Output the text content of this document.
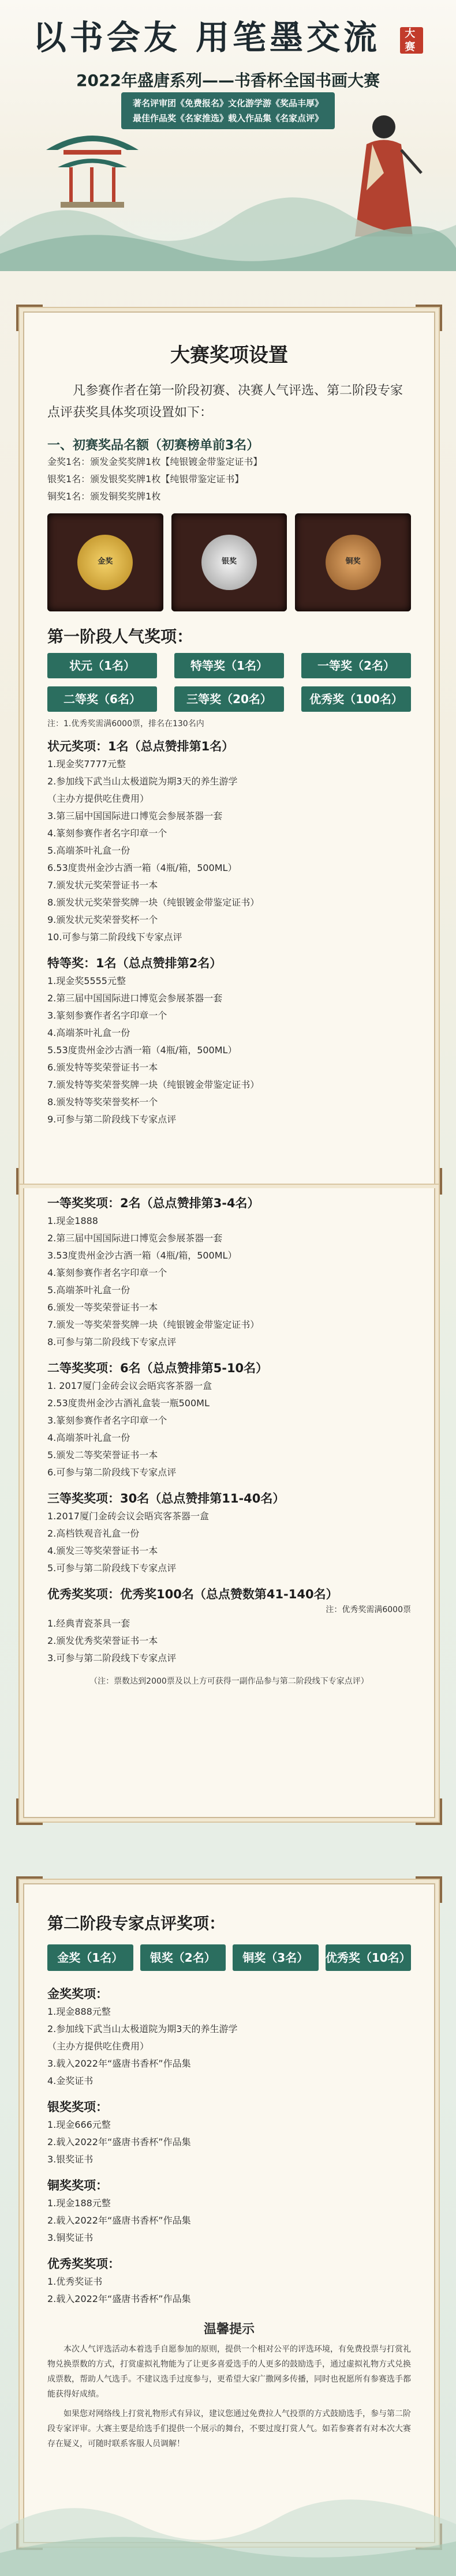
以书会友 用笔墨交流 大赛
2022年盛唐系列——书香杯全国书画大赛
著名评审团《免费报名》文化游学游《奖品丰厚》
最佳作品奖《名家推选》载入作品集《名家点评》
大赛奖项设置
凡参赛作者在第一阶段初赛、决赛人气评选、第二阶段专家点评获奖具体奖项设置如下：
一、初赛奖品名额（初赛榜单前3名）
金奖1名：颁发金奖奖牌1枚【纯银镀金带鉴定证书】
银奖1名：颁发银奖奖牌1枚【纯银带鉴定证书】
铜奖1名：颁发铜奖奖牌1枚
金奖	银奖	铜奖
第一阶段人气奖项：
状元（1名）	特等奖（1名）	一等奖（2名）
二等奖（6名）	三等奖（20名）	优秀奖（100名）
注：1.优秀奖需满6000票，排名在130名内
状元奖项：1名（总点赞排第1名）
1.现金奖7777元整
2.参加线下武当山太极道院为期3天的养生游学
（主办方提供吃住费用）
3.第三届中国国际进口博览会参展茶器一套
4.篆刻参赛作者名字印章一个
5.高端茶叶礼盒一份
6.53度贵州金沙古酒一箱（4瓶/箱，500ML）
7.颁发状元奖荣誉证书一本
8.颁发状元奖荣誉奖牌一块（纯银镀金带鉴定证书）
9.颁发状元奖荣誉奖杯一个
10.可参与第二阶段线下专家点评
特等奖：1名（总点赞排第2名）
1.现金奖5555元整
2.第三届中国国际进口博览会参展茶器一套
3.篆刻参赛作者名字印章一个
4.高端茶叶礼盒一份
5.53度贵州金沙古酒一箱（4瓶/箱，500ML）
6.颁发特等奖荣誉证书一本
7.颁发特等奖荣誉奖牌一块（纯银镀金带鉴定证书）
8.颁发特等奖荣誉奖杯一个
9.可参与第二阶段线下专家点评
一等奖奖项：2名（总点赞排第3-4名）
1.现金1888
2.第三届中国国际进口博览会参展茶器一套
3.53度贵州金沙古酒一箱（4瓶/箱，500ML）
4.篆刻参赛作者名字印章一个
5.高端茶叶礼盒一份
6.颁发一等奖荣誉证书一本
7.颁发一等奖荣誉奖牌一块（纯银镀金带鉴定证书）
8.可参与第二阶段线下专家点评
二等奖奖项：6名（总点赞排第5-10名）
1. 2017厦门金砖会议会晤宾客茶器一盒
2.53度贵州金沙古酒礼盒装一瓶500ML
3.篆刻参赛作者名字印章一个
4.高端茶叶礼盒一份
5.颁发二等奖荣誉证书一本
6.可参与第二阶段线下专家点评
三等奖奖项：30名（总点赞排第11-40名）
1.2017厦门金砖会议会晤宾客茶器一盒
2.高档铁观音礼盒一份
4.颁发三等奖荣誉证书一本
5.可参与第二阶段线下专家点评
优秀奖奖项：优秀奖100名（总点赞数第41-140名）
注：优秀奖需满6000票
1.经典青瓷茶具一套
2.颁发优秀奖荣誉证书一本
3.可参与第二阶段线下专家点评
（注：票数达到2000票及以上方可获得一副作品参与第二阶段线下专家点评）
第二阶段专家点评奖项：
金奖（1名）	银奖（2名）	铜奖（3名）	优秀奖（10名）
金奖奖项：
1.现金888元整
2.参加线下武当山太极道院为期3天的养生游学
（主办方提供吃住费用）
3.载入2022年“盛唐书香杯”作品集
4.金奖证书
银奖奖项：
1.现金666元整
2.载入2022年“盛唐书香杯”作品集
3.银奖证书
铜奖奖项：
1.现金188元整
2.载入2022年“盛唐书香杯”作品集
3.铜奖证书
优秀奖奖项：
1.优秀奖证书
2.载入2022年“盛唐书香杯”作品集
温馨提示
本次人气评选活动本着选手自愿参加的原则，提供一个相对公平的评选环境，有免费投票与打赏礼物兑换票数的方式，打赏虚拟礼物能为了让更多喜爱选手的人更多的鼓励选手，通过虚拟礼物方式兑换成票数，帮助人气选手。不建议选手过度参与，更希望大家广撒网多传播，同时也祝愿所有参赛选手都能获得好成绩。
如果您对网络线上打赏礼物形式有异议，建议您通过免费拉人气投票的方式鼓励选手，参与第二阶段专家评审。大赛主要是给选手们提供一个展示的舞台，不要过度打赏人气。如若参赛者有对本次大赛存在疑义，可随时联系客服人员调解！
